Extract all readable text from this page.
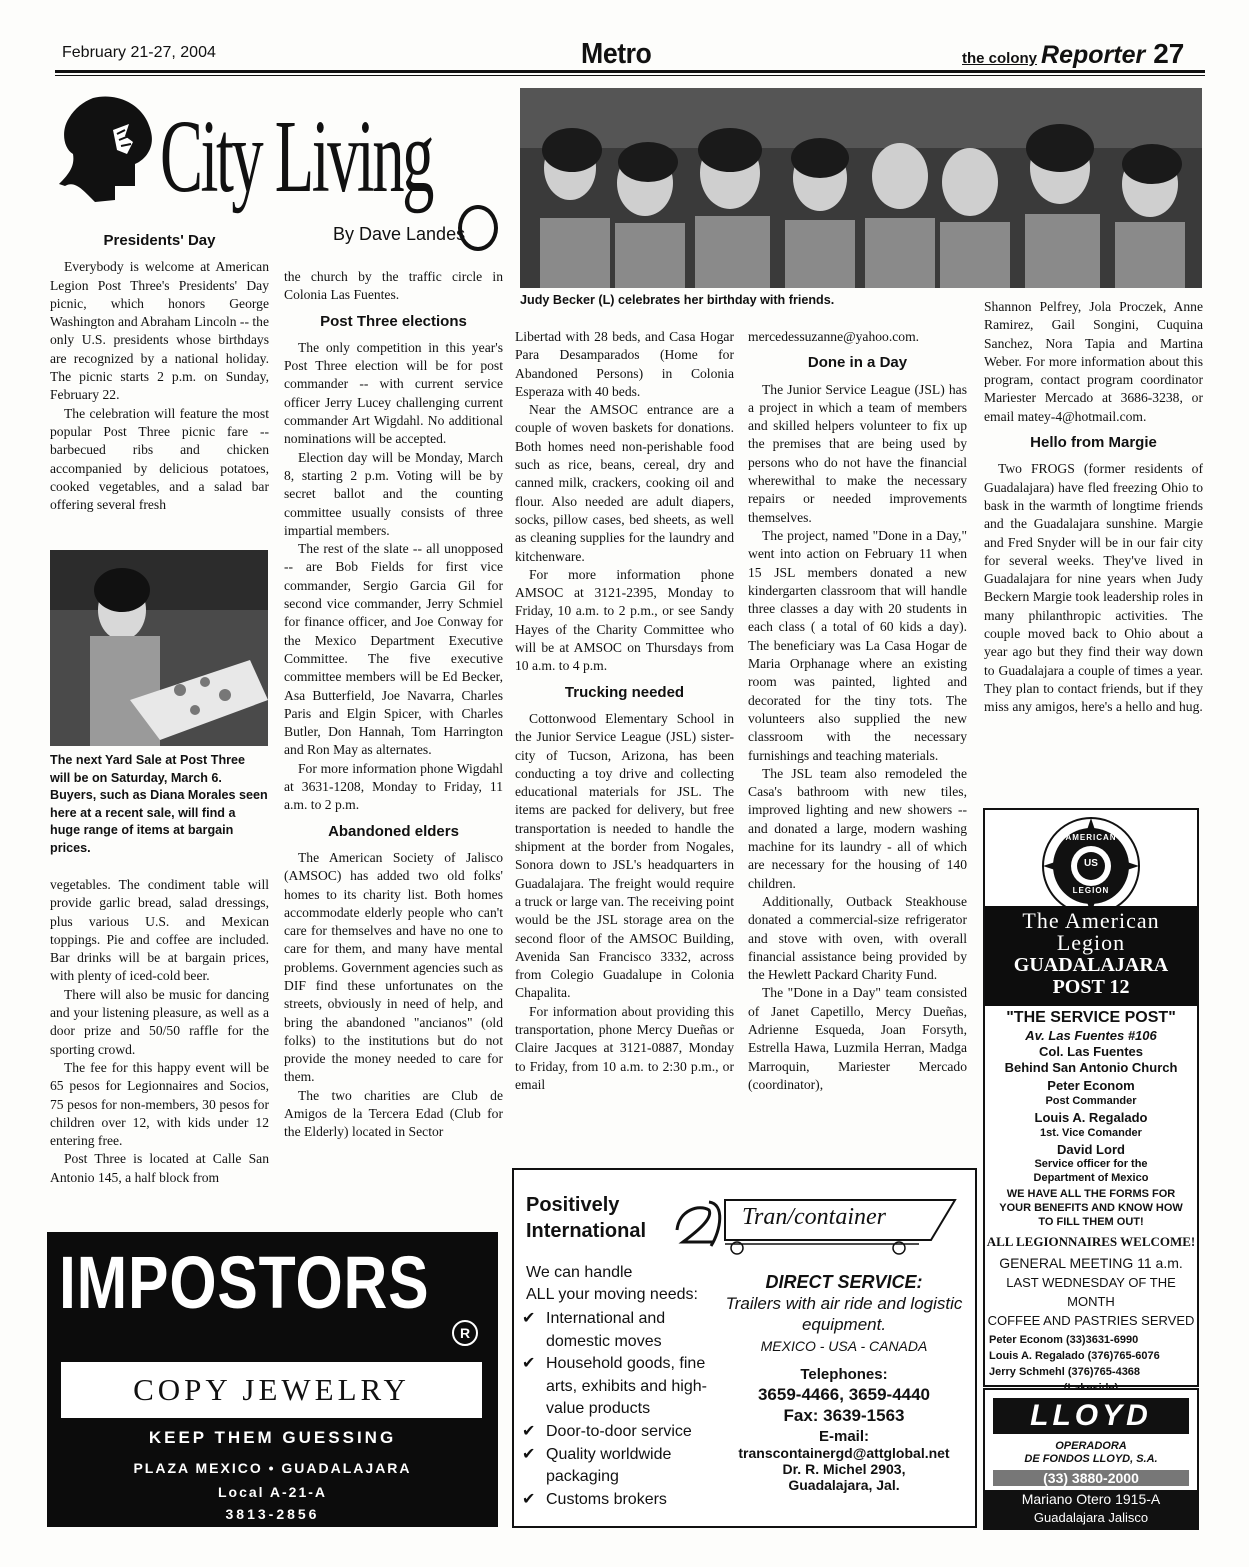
February 21-27, 2004	Metro	the colony Reporter 27
City Living
By Dave Landes
Judy Becker (L) celebrates her birthday with friends.
Presidents' Day

Everybody is welcome at American Legion Post Three's Presidents' Day picnic, which honors George Washington and Abraham Lincoln -- the only U.S. presidents whose birthdays are recognized by a national holiday. The picnic starts 2 p.m. on Sunday, February 22.

The celebration will feature the most popular Post Three picnic fare -- barbecued ribs and chicken accompanied by delicious potatoes, cooked vegetables, and a salad bar offering several fresh

The next Yard Sale at Post Three will be on Saturday, March 6. Buyers, such as Diana Morales seen here at a recent sale, will find a huge range of items at bargain prices.

vegetables. The condiment table will provide garlic bread, salad dressings, plus various U.S. and Mexican toppings. Pie and coffee are included. Bar drinks will be at bargain prices, with plenty of iced-cold beer.

There will also be music for dancing and your listening pleasure, as well as a door prize and 50/50 raffle for the sporting crowd.

The fee for this happy event will be 65 pesos for Legionnaires and Socios, 75 pesos for non-members, 30 pesos for children over 12, with kids under 12 entering free.

Post Three is located at Calle San Antonio 145, a half block from

the church by the traffic circle in Colonia Las Fuentes.

Post Three elections

The only competition in this year's Post Three election will be for post commander -- with current service officer Jerry Lucey challenging current commander Art Wigdahl. No additional nominations will be accepted.

Election day will be Monday, March 8, starting 2 p.m. Voting will be by secret ballot and the counting committee usually consists of three impartial members.

The rest of the slate -- all unopposed -- are Bob Fields for first vice commander, Sergio Garcia Gil for second vice commander, Jerry Schmiel for finance officer, and Joe Conway for the Mexico Department Executive Committee. The five executive committee members will be Ed Becker, Asa Butterfield, Joe Navarra, Charles Paris and Elgin Spicer, with Charles Butler, Don Hannah, Tom Harrington and Ron May as alternates.

For more information phone Wigdahl at 3631-1208, Monday to Friday, 11 a.m. to 2 p.m.

Abandoned elders

The American Society of Jalisco (AMSOC) has added two old folks' homes to its charity list. Both homes accommodate elderly people who can't care for themselves and have no one to care for them, and many have mental problems. Government agencies such as DIF find these unfortunates on the streets, obviously in need of help, and bring the abandoned "ancianos" (old folks) to the institutions but do not provide the money needed to care for them.

The two charities are Club de Amigos de la Tercera Edad (Club for the Elderly) located in Sector

Libertad with 28 beds, and Casa Hogar Para Desamparados (Home for Abandoned Persons) in Colonia Esperaza with 40 beds.

Near the AMSOC entrance are a couple of woven baskets for donations. Both homes need non-perishable food such as rice, beans, cereal, dry and canned milk, crackers, cooking oil and flour. Also needed are adult diapers, socks, pillow cases, bed sheets, as well as cleaning supplies for the laundry and kitchenware.

For more information phone AMSOC at 3121-2395, Monday to Friday, 10 a.m. to 2 p.m., or see Sandy Hayes of the Charity Committee who will be at AMSOC on Thursdays from 10 a.m. to 4 p.m.

Trucking needed

Cottonwood Elementary School in the Junior Service League (JSL) sister-city of Tucson, Arizona, has been conducting a toy drive and collecting educational materials for JSL. The items are packed for delivery, but free transportation is needed to handle the shipment at the border from Nogales, Sonora down to JSL's headquarters in Guadalajara. The freight would require a truck or large van. The receiving point would be the JSL storage area on the second floor of the AMSOC Building, Avenida San Francisco 3332, across from Colegio Guadalupe in Colonia Chapalita.

For information about providing this transportation, phone Mercy Dueñas or Claire Jacques at 3121-0887, Monday to Friday, from 10 a.m. to 2:30 p.m., or email

mercedessuzanne@yahoo.com.

Done in a Day

The Junior Service League (JSL) has a project in which a team of members and skilled helpers volunteer to fix up the premises that are being used by persons who do not have the financial wherewithal to make the necessary repairs or needed improvements themselves.

The project, named "Done in a Day," went into action on February 11 when 15 JSL members donated a new kindergarten classroom that will handle three classes a day with 20 students in each class ( a total of 60 kids a day). The beneficiary was La Casa Hogar de Maria Orphanage where an existing room was painted, lighted and decorated for the tiny tots. The volunteers also supplied the new classroom with the necessary furnishings and teaching materials.

The JSL team also remodeled the Casa's bathroom with new tiles, improved lighting and new showers -- and donated a large, modern washing machine for its laundry - all of which are necessary for the housing of 140 children.

Additionally, Outback Steakhouse donated a commercial-size refrigerator and stove with oven, with overall financial assistance being provided by the Hewlett Packard Charity Fund.

The "Done in a Day" team consisted of Janet Capetillo, Mercy Dueñas, Adrienne Esqueda, Joan Forsyth, Estrella Hawa, Luzmila Herran, Madga Marroquin, Mariester Mercado (coordinator),

Shannon Pelfrey, Jola Proczek, Anne Ramirez, Gail Songini, Cuquina Sanchez, Nora Tapia and Martina Weber. For more information about this program, contact program coordinator Mariester Mercado at 3686-3238, or email matey-4@hotmail.com.

Hello from Margie

Two FROGS (former residents of Guadalajara) have fled freezing Ohio to bask in the warmth of longtime friends and the Guadalajara sunshine. Margie and Fred Snyder will be in our fair city for several weeks. They've lived in Guadalajara for nine years when Judy Beckern Margie took leadership roles in many philanthropic activities. The couple moved back to Ohio about a year ago but they find their way down to Guadalajara a couple of times a year. They plan to contact friends, but if they miss any amigos, here's a hello and hug.

IMPOSTORS
R
COPY JEWELRY
KEEP THEM GUESSING
PLAZA MEXICO • GUADALAJARA
Local A-21-A
3813-2856
Positively
International
Tran/container
We can handle
ALL your moving needs:
✔ International and domestic moves
✔ Household goods, fine arts, exhibits and high-value products
✔ Door-to-door service
✔ Quality worldwide packaging
✔ Customs brokers
DIRECT SERVICE:
Trailers with air ride and logistic equipment.
MEXICO - USA - CANADA
Telephones:
3659-4466, 3659-4440
Fax: 3639-1563
E-mail:
transcontainergd@attglobal.net
Dr. R. Michel 2903,
Guadalajara, Jal.
AMERICAN
US
LEGION
The American
Legion
GUADALAJARA
POST 12
"THE SERVICE POST"
Av. Las Fuentes #106
Col. Las Fuentes
Behind San Antonio Church
Peter Econom
Post Commander
Louis A. Regalado
1st. Vice Comander
David Lord
Service officer for the Department of Mexico
WE HAVE ALL THE FORMS FOR YOUR BENEFITS AND KNOW HOW TO FILL THEM OUT!
ALL LEGIONNAIRES WELCOME!
GENERAL MEETING 11 a.m.
LAST WEDNESDAY OF THE MONTH
COFFEE AND PASTRIES SERVED
Peter Econom (33)3631-6990
Louis A. Regalado (376)765-6076
Jerry Schmehl (376)765-4368
LLOYD
OPERADORA
DE FONDOS LLOYD, S.A.
(33) 3880-2000
Mariano Otero 1915-A
Guadalajara Jalisco
